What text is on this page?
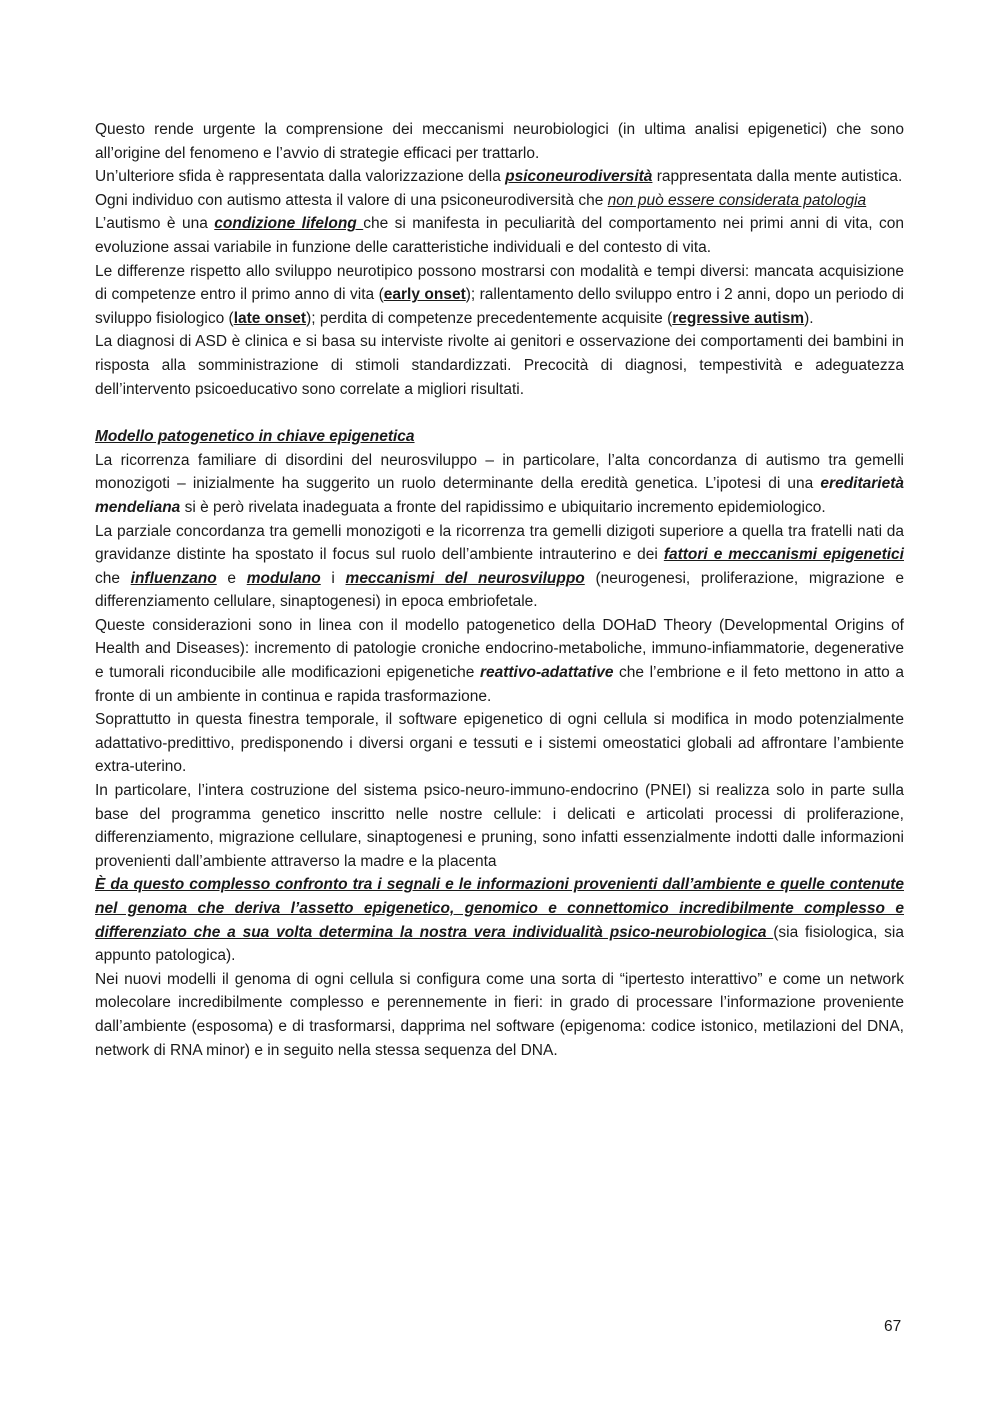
Questo rende urgente la comprensione dei meccanismi neurobiologici (in ultima analisi epigenetici) che sono all’origine del fenomeno e l’avvio di strategie efficaci per trattarlo.

Un’ulteriore sfida è rappresentata dalla valorizzazione della psiconeurodiversità rappresentata dalla mente autistica.

Ogni individuo con autismo attesta il valore di una psiconeurodiversità che non può essere considerata patologia

L’autismo è una condizione lifelong che si manifesta in peculiarità del comportamento nei primi anni di vita, con evoluzione assai variabile in funzione delle caratteristiche individuali e del contesto di vita.

Le differenze rispetto allo sviluppo neurotipico possono mostrarsi con modalità e tempi diversi: mancata acquisizione di competenze entro il primo anno di vita (early onset); rallentamento dello sviluppo entro i 2 anni, dopo un periodo di sviluppo fisiologico (late onset); perdita di competenze precedentemente acquisite (regressive autism).

La diagnosi di ASD è clinica e si basa su interviste rivolte ai genitori e osservazione dei comportamenti dei bambini in risposta alla somministrazione di stimoli standardizzati. Precocità di diagnosi, tempestività e adeguatezza dell’intervento psicoeducativo sono correlate a migliori risultati.

Modello patogenetico in chiave epigenetica

La ricorrenza familiare di disordini del neurosviluppo – in particolare, l’alta concordanza di autismo tra gemelli monozigoti – inizialmente ha suggerito un ruolo determinante della eredità genetica. L’ipotesi di una ereditarietà mendeliana si è però rivelata inadeguata a fronte del rapidissimo e ubiquitario incremento epidemiologico.

La parziale concordanza tra gemelli monozigoti e la ricorrenza tra gemelli dizigoti superiore a quella tra fratelli nati da gravidanze distinte ha spostato il focus sul ruolo dell’ambiente intrauterino e dei fattori e meccanismi epigenetici che influenzano e modulano i meccanismi del neurosviluppo (neurogenesi, proliferazione, migrazione e differenziamento cellulare, sinaptogenesi) in epoca embriofetale.

Queste considerazioni sono in linea con il modello patogenetico della DOHaD Theory (Developmental Origins of Health and Diseases): incremento di patologie croniche endocrino-metaboliche, immuno-infiammatorie, degenerative e tumorali riconducibile alle modificazioni epigenetiche reattivo-adattative che l’embrione e il feto mettono in atto a fronte di un ambiente in continua e rapida trasformazione.

Soprattutto in questa finestra temporale, il software epigenetico di ogni cellula si modifica in modo potenzialmente adattativo-predittivo, predisponendo i diversi organi e tessuti e i sistemi omeostatici globali ad affrontare l’ambiente extra-uterino.

In particolare, l’intera costruzione del sistema psico-neuro-immuno-endocrino (PNEI) si realizza solo in parte sulla base del programma genetico inscritto nelle nostre cellule: i delicati e articolati processi di proliferazione, differenziamento, migrazione cellulare, sinaptogenesi e pruning, sono infatti essenzialmente indotti dalle informazioni provenienti dall’ambiente attraverso la madre e la placenta

È da questo complesso confronto tra i segnali e le informazioni provenienti dall’ambiente e quelle contenute nel genoma che deriva l’assetto epigenetico, genomico e connettomico incredibilmente complesso e differenziato che a sua volta determina la nostra vera individualità psico-neurobiologica (sia fisiologica, sia appunto patologica).

Nei nuovi modelli il genoma di ogni cellula si configura come una sorta di “ipertesto interattivo” e come un network molecolare incredibilmente complesso e perennemente in fieri: in grado di processare l’informazione proveniente dall’ambiente (esposoma) e di trasformarsi, dapprima nel software (epigenoma: codice istonico, metilazioni del DNA, network di RNA minor) e in seguito nella stessa sequenza del DNA.

67
